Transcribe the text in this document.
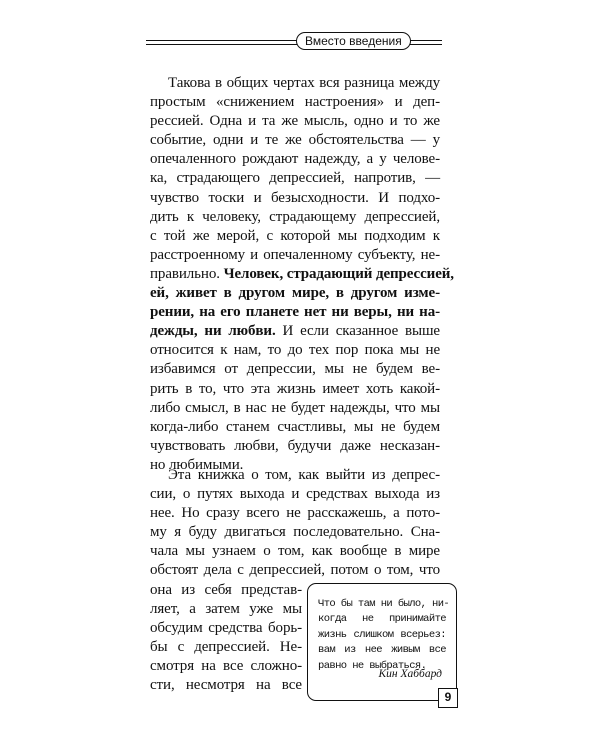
Вместо введения
Такова в общих чертах вся разница между
простым «снижением настроения» и деп-
рессией. Одна и та же мысль, одно и то же
событие, одни и те же обстоятельства — у
опечаленного рождают надежду, а у челове-
ка, страдающего депрессией, напротив, —
чувство тоски и безысходности. И подхо-
дить к человеку, страдающему депрессией,
с той же мерой, с которой мы подходим к
расстроенному и опечаленному субъекту, не-
правильно. Человек, страдающий депрессией,
ей, живет в другом мире, в другом изме-
рении, на его планете нет ни веры, ни на-
дежды, ни любви. И если сказанное выше
относится к нам, то до тех пор пока мы не
избавимся от депрессии, мы не будем ве-
рить в то, что эта жизнь имеет хоть какой-
либо смысл, в нас не будет надежды, что мы
когда-либо станем счастливы, мы не будем
чувствовать любви, будучи даже несказан-
но любимыми.
Эта книжка о том, как выйти из депрес-
сии, о путях выхода и средствах выхода из
нее. Но сразу всего не расскажешь, а пото-
му я буду двигаться последовательно. Сна-
чала мы узнаем о том, как вообще в мире
обстоят дела с депрессией, потом о том, что
она из себя представ-
ляет, а затем уже мы
обсудим средства борь-
бы с депрессией. Не-
смотря на все сложно-
сти, несмотря на все
Что бы там ни было, ни-
когда не принимайте
жизнь слишком всерьез:
вам из нее живым все
равно не выбраться.
Кин Хаббард
9
